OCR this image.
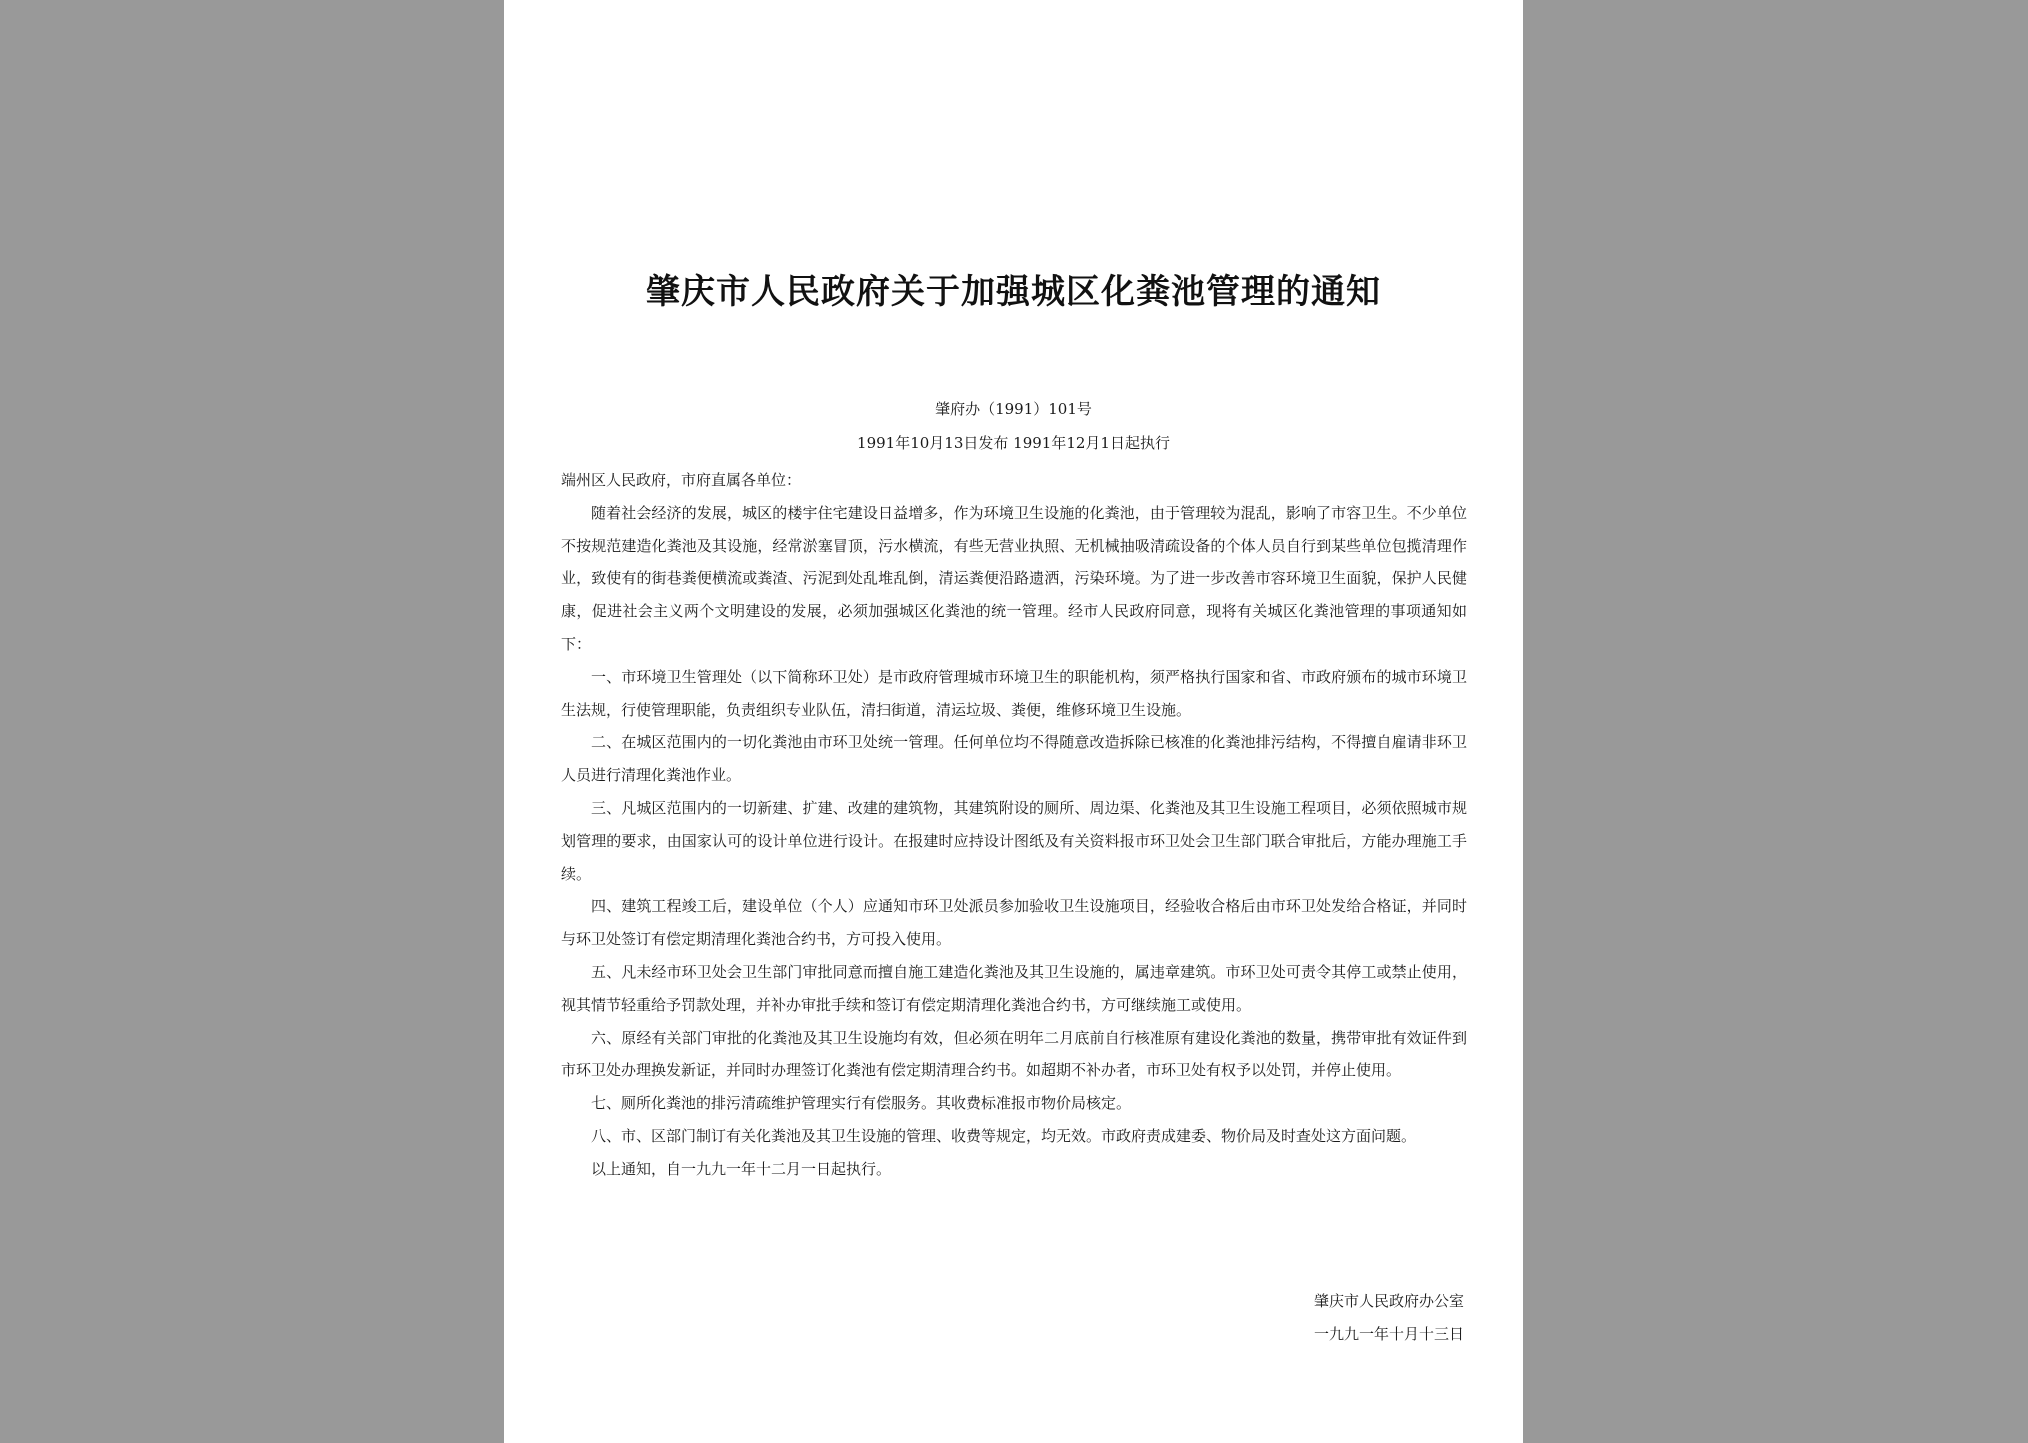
肇庆市人民政府关于加强城区化粪池管理的通知
肇府办（1991）101号
1991年10月13日发布 1991年12月1日起执行

端州区人民政府，市府直属各单位：

随着社会经济的发展，城区的楼宇住宅建设日益增多，作为环境卫生设施的化粪池，由于管理较为混乱，影响了市容卫生。不少单位不按规范建造化粪池及其设施，经常淤塞冒顶，污水横流，有些无营业执照、无机械抽吸清疏设备的个体人员自行到某些单位包揽清理作业，致使有的街巷粪便横流或粪渣、污泥到处乱堆乱倒，清运粪便沿路遗洒，污染环境。为了进一步改善市容环境卫生面貌，保护人民健康，促进社会主义两个文明建设的发展，必须加强城区化粪池的统一管理。经市人民政府同意，现将有关城区化粪池管理的事项通知如下：

一、市环境卫生管理处（以下简称环卫处）是市政府管理城市环境卫生的职能机构，须严格执行国家和省、市政府颁布的城市环境卫生法规，行使管理职能，负责组织专业队伍，清扫街道，清运垃圾、粪便，维修环境卫生设施。

二、在城区范围内的一切化粪池由市环卫处统一管理。任何单位均不得随意改造拆除已核准的化粪池排污结构，不得擅自雇请非环卫人员进行清理化粪池作业。

三、凡城区范围内的一切新建、扩建、改建的建筑物，其建筑附设的厕所、周边渠、化粪池及其卫生设施工程项目，必须依照城市规划管理的要求，由国家认可的设计单位进行设计。在报建时应持设计图纸及有关资料报市环卫处会卫生部门联合审批后，方能办理施工手续。

四、建筑工程竣工后，建设单位（个人）应通知市环卫处派员参加验收卫生设施项目，经验收合格后由市环卫处发给合格证，并同时与环卫处签订有偿定期清理化粪池合约书，方可投入使用。

五、凡未经市环卫处会卫生部门审批同意而擅自施工建造化粪池及其卫生设施的，属违章建筑。市环卫处可责令其停工或禁止使用，视其情节轻重给予罚款处理，并补办审批手续和签订有偿定期清理化粪池合约书，方可继续施工或使用。

六、原经有关部门审批的化粪池及其卫生设施均有效，但必须在明年二月底前自行核准原有建设化粪池的数量，携带审批有效证件到市环卫处办理换发新证，并同时办理签订化粪池有偿定期清理合约书。如超期不补办者，市环卫处有权予以处罚，并停止使用。

七、厕所化粪池的排污清疏维护管理实行有偿服务。其收费标准报市物价局核定。

八、市、区部门制订有关化粪池及其卫生设施的管理、收费等规定，均无效。市政府责成建委、物价局及时查处这方面问题。

以上通知，自一九九一年十二月一日起执行。

肇庆市人民政府办公室
一九九一年十月十三日
